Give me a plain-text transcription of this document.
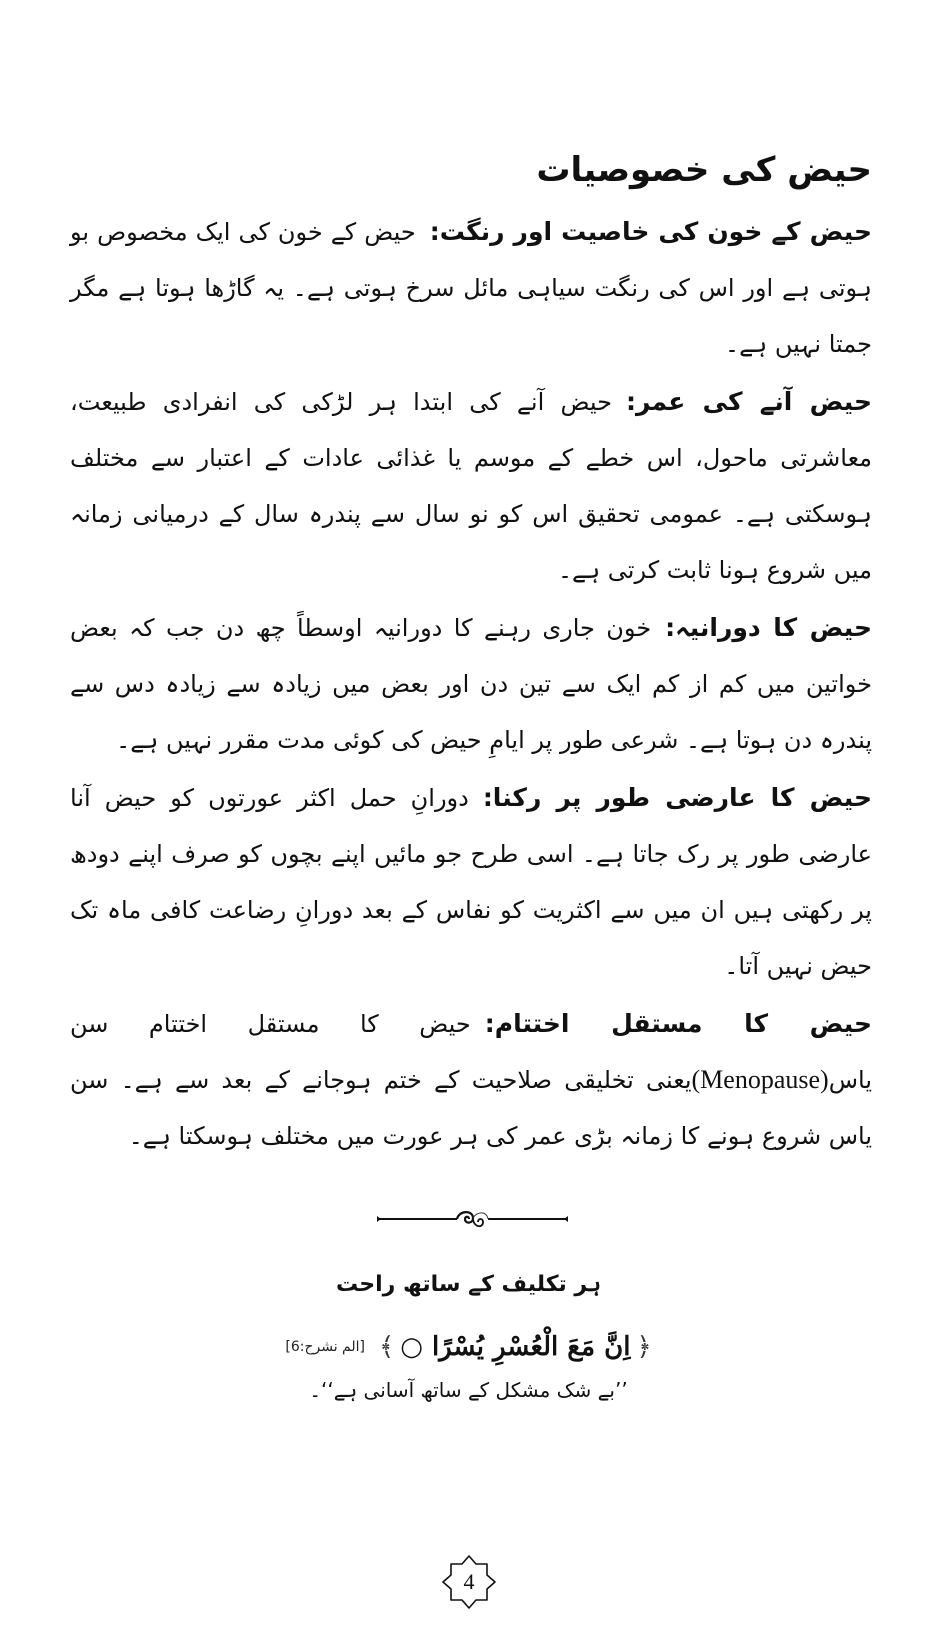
حیض کی خصوصیات

حیض کے خون کی خاصیت اور رنگت:حیض کے خون کی ایک مخصوص بو ہوتی ہے اور اس کی رنگت سیاہی مائل سرخ ہوتی ہے۔ یہ گاڑھا ہوتا ہے مگر جمتا نہیں ہے۔

حیض آنے کی عمر:حیض آنے کی ابتدا ہر لڑکی کی انفرادی طبیعت، معاشرتی ماحول، اس خطے کے موسم یا غذائی عادات کے اعتبار سے مختلف ہوسکتی ہے۔ عمومی تحقیق اس کو نو سال سے پندرہ سال کے درمیانی زمانہ میں شروع ہونا ثابت کرتی ہے۔

حیض کا دورانیہ:خون جاری رہنے کا دورانیہ اوسطاً چھ دن جب کہ بعض خواتین میں کم از کم ایک سے تین دن اور بعض میں زیادہ سے زیادہ دس سے پندرہ دن ہوتا ہے۔ شرعی طور پر ایامِ حیض کی کوئی مدت مقرر نہیں ہے۔

حیض کا عارضی طور پر رکنا:دورانِ حمل اکثر عورتوں کو حیض آنا عارضی طور پر رک جاتا ہے۔ اسی طرح جو مائیں اپنے بچوں کو صرف اپنے دودھ پر رکھتی ہیں ان میں سے اکثریت کو نفاس کے بعد دورانِ رضاعت کافی ماہ تک حیض نہیں آتا۔

حیض کا مستقل اختتام:حیض کا مستقل اختتام سن یاس(Menopause)یعنی تخلیقی صلاحیت کے ختم ہوجانے کے بعد سے ہے۔ سن یاس شروع ہونے کا زمانہ بڑی عمر کی ہر عورت میں مختلف ہوسکتا ہے۔

ہر تکلیف کے ساتھ راحت
﴿
اِنَّ مَعَ الْعُسْرِ يُسْرًا ○
﴾
[الم نشرح:6]
’’بے شک مشکل کے ساتھ آسانی ہے‘‘۔
4
